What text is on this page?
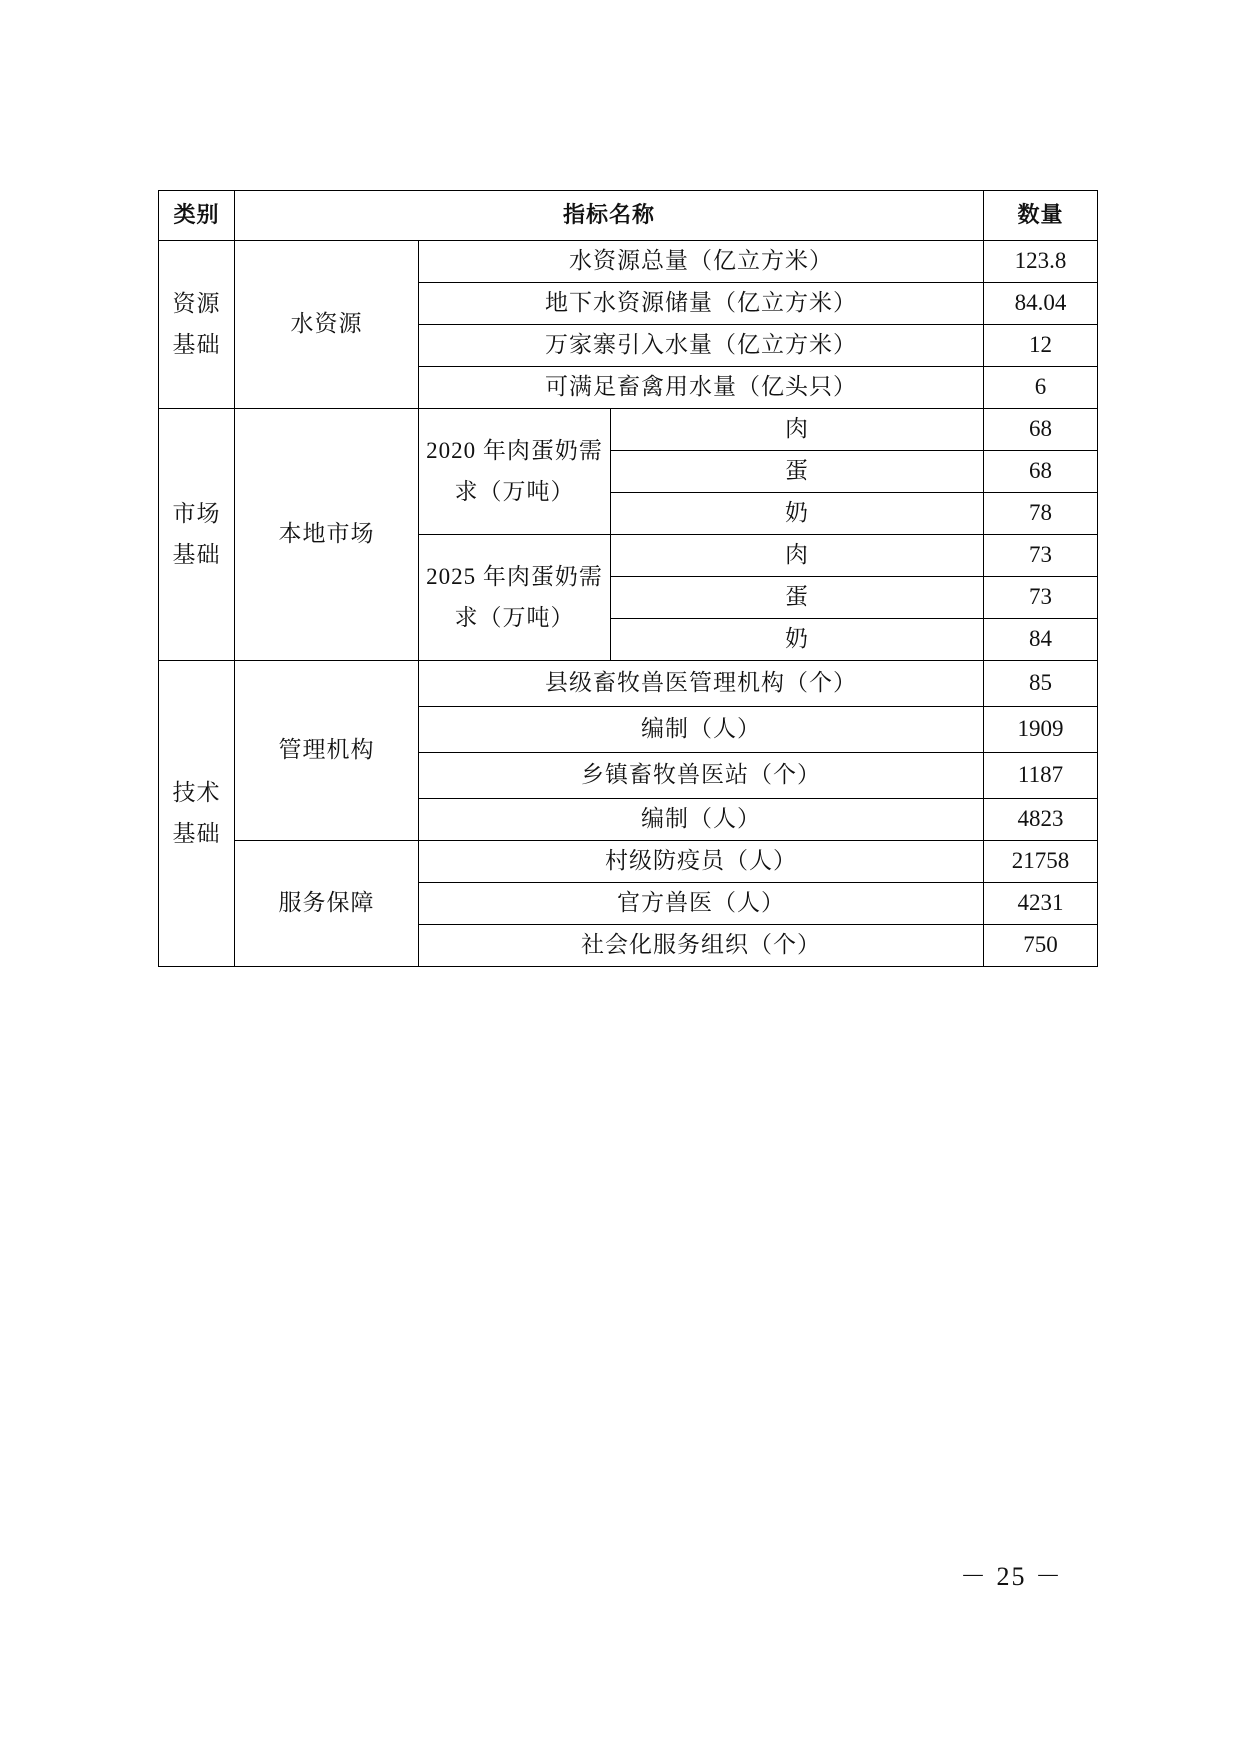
类别	指标名称			数量
资源基础	水资源	水资源总量（亿立方米）		123.8
		地下水资源储量（亿立方米）		84.04
		万家寨引入水量（亿立方米）		12
		可满足畜禽用水量（亿头只）		6
市场基础	本地市场	2020 年肉蛋奶需求（万吨）	肉	68
			蛋	68
			奶	78
		2025 年肉蛋奶需求（万吨）	肉	73
			蛋	73
			奶	84
技术基础	管理机构	县级畜牧兽医管理机构（个）		85
		编制（人）		1909
		乡镇畜牧兽医站（个）		1187
		编制（人）		4823
	服务保障	村级防疫员（人）		21758
		官方兽医（人）		4231
		社会化服务组织（个）		750
－ 25 －
